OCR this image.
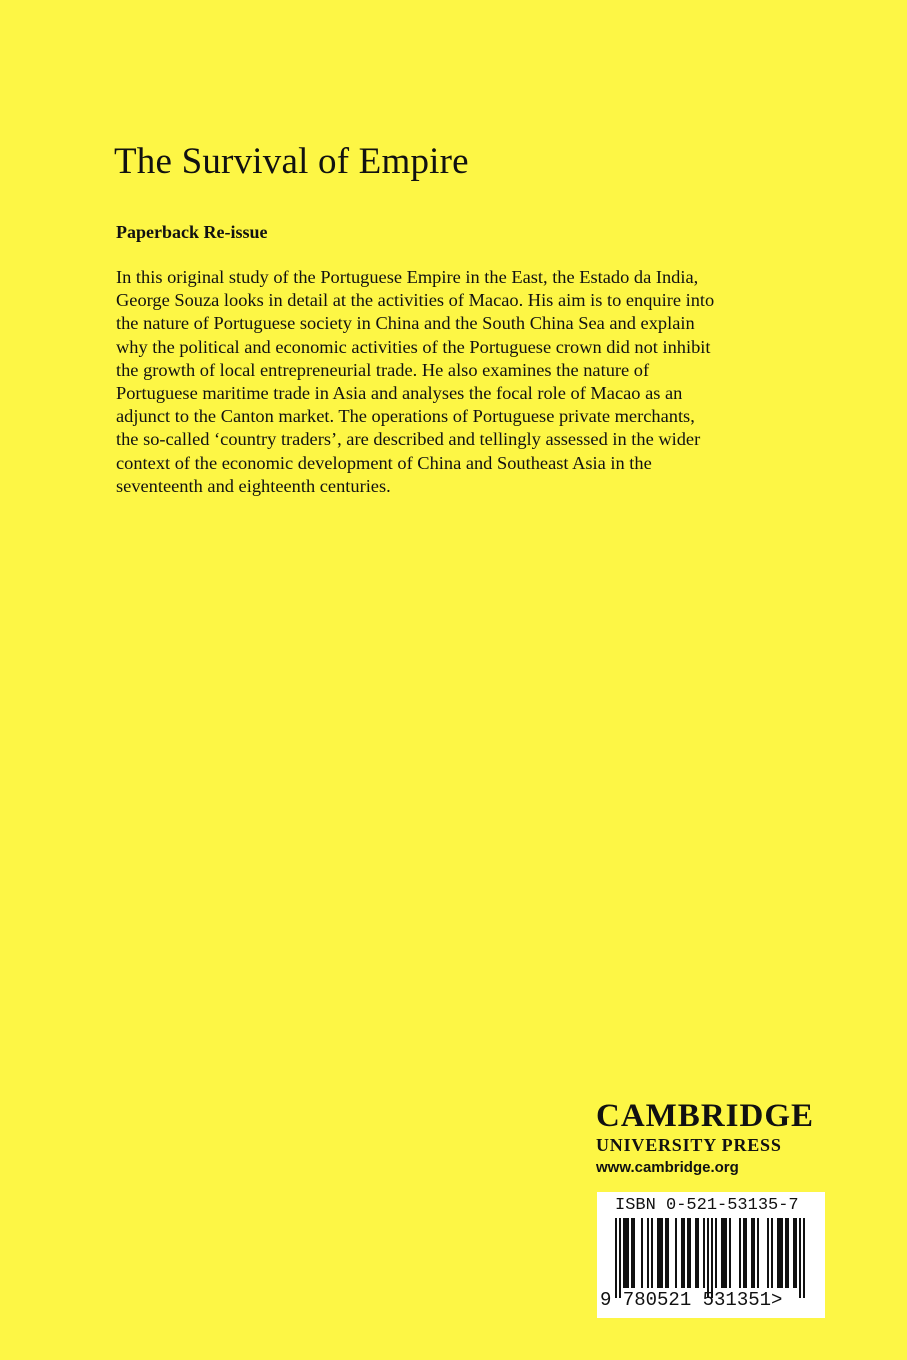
The Survival of Empire
Paperback Re-issue
In this original study of the Portuguese Empire in the East, the Estado da India,
George Souza looks in detail at the activities of Macao. His aim is to enquire into
the nature of Portuguese society in China and the South China Sea and explain
why the political and economic activities of the Portuguese crown did not inhibit
the growth of local entrepreneurial trade. He also examines the nature of
Portuguese maritime trade in Asia and analyses the focal role of Macao as an
adjunct to the Canton market. The operations of Portuguese private merchants,
the so-called ‘country traders’, are described and tellingly assessed in the wider
context of the economic development of China and Southeast Asia in the
seventeenth and eighteenth centuries.
CAMBRIDGE
UNIVERSITY PRESS
www.cambridge.org

ISBN 0-521-53135-7

9 780521 531351>
